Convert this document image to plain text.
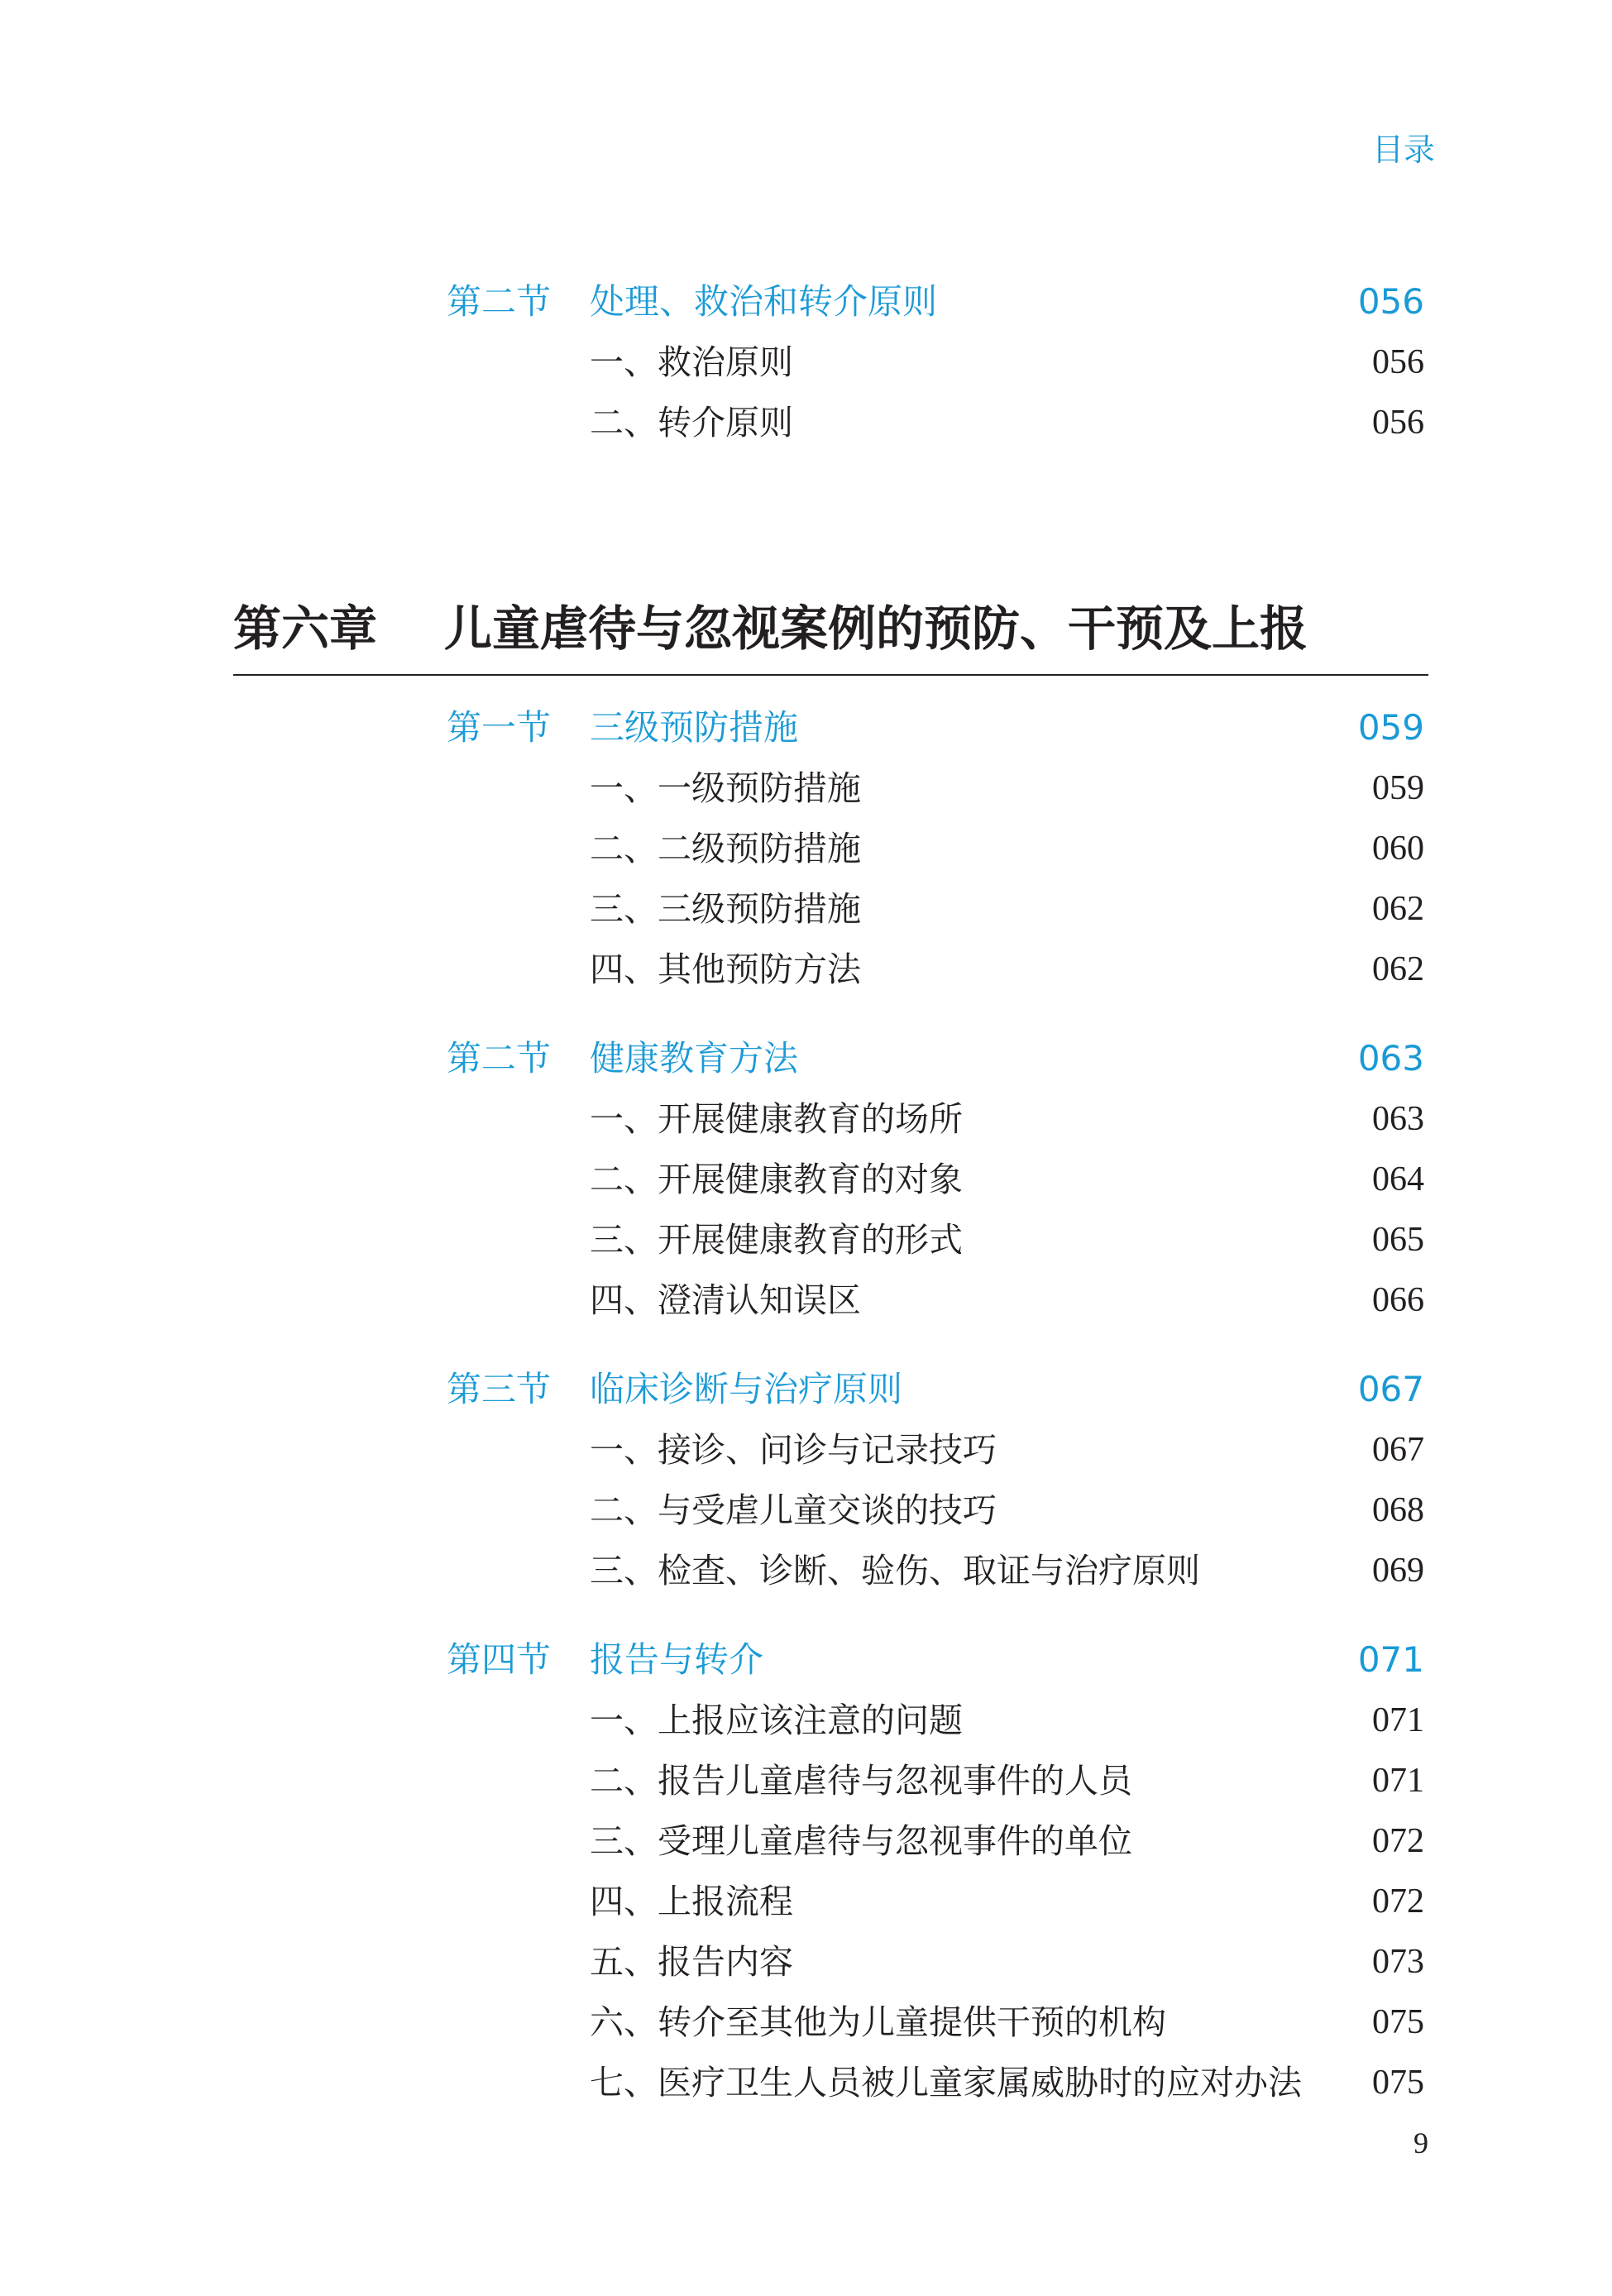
目录
第二节 处理、救治和转介原则	056
一、救治原则	056
二、转介原则	056
第六章 儿童虐待与忽视案例的预防、干预及上报
第一节 三级预防措施	059
一、一级预防措施	059
二、二级预防措施	060
三、三级预防措施	062
四、其他预防方法	062
第二节 健康教育方法	063
一、开展健康教育的场所	063
二、开展健康教育的对象	064
三、开展健康教育的形式	065
四、澄清认知误区	066
第三节 临床诊断与治疗原则	067
一、接诊、问诊与记录技巧	067
二、与受虐儿童交谈的技巧	068
三、检查、诊断、验伤、取证与治疗原则	069
第四节 报告与转介	071
一、上报应该注意的问题	071
二、报告儿童虐待与忽视事件的人员	071
三、受理儿童虐待与忽视事件的单位	072
四、上报流程	072
五、报告内容	073
六、转介至其他为儿童提供干预的机构	075
七、医疗卫生人员被儿童家属威胁时的应对办法 075
9
